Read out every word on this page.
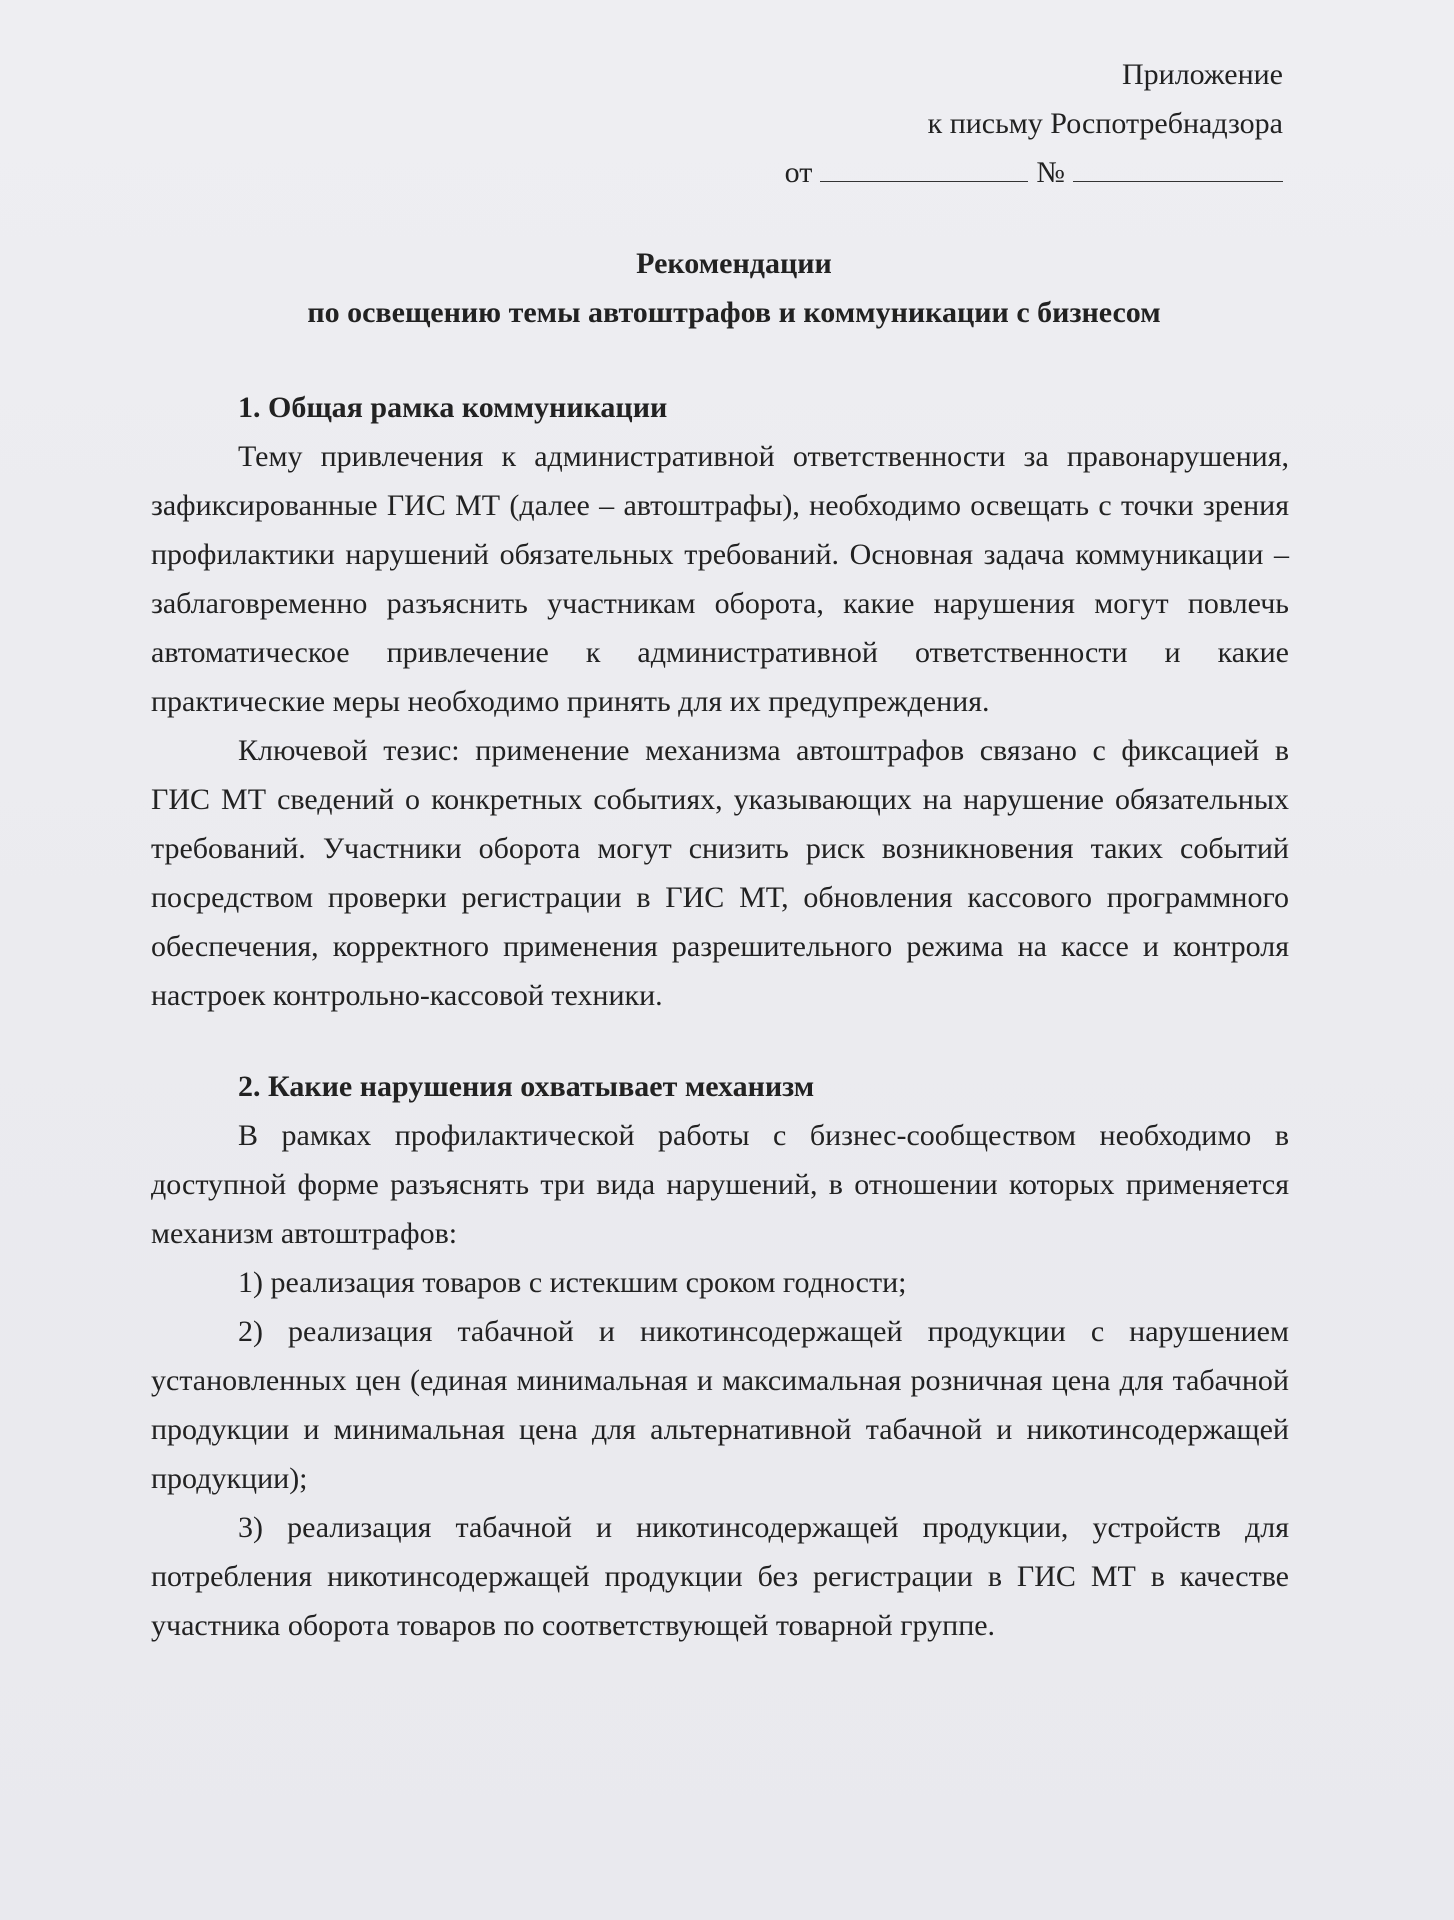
Приложение
к письму Роспотребнадзора
от	№
Рекомендации
по освещению темы автоштрафов и коммуникации с бизнесом

1. Общая рамка коммуникации

Тему привлечения к административной ответственности за правонарушения, зафиксированные ГИС МТ (далее – автоштрафы), необходимо освещать с точки зрения профилактики нарушений обязательных требований. Основная задача коммуникации – заблаговременно разъяснить участникам оборота, какие нарушения могут повлечь автоматическое привлечение к административной ответственности и какие практические меры необходимо принять для их предупреждения.

Ключевой тезис: применение механизма автоштрафов связано с фиксацией в ГИС МТ сведений о конкретных событиях, указывающих на нарушение обязательных требований. Участники оборота могут снизить риск возникновения таких событий посредством проверки регистрации в ГИС МТ, обновления кассового программного обеспечения, корректного применения разрешительного режима на кассе и контроля настроек контрольно-кассовой техники.

2. Какие нарушения охватывает механизм

В рамках профилактической работы с бизнес-сообществом необходимо в доступной форме разъяснять три вида нарушений, в отношении которых применяется механизм автоштрафов:

1) реализация товаров с истекшим сроком годности;

2) реализация табачной и никотинсодержащей продукции с нарушением установленных цен (единая минимальная и максимальная розничная цена для табачной продукции и минимальная цена для альтернативной табачной и никотинсодержащей продукции);

3) реализация табачной и никотинсодержащей продукции, устройств для потребления никотинсодержащей продукции без регистрации в ГИС МТ в качестве участника оборота товаров по соответствующей товарной группе.
